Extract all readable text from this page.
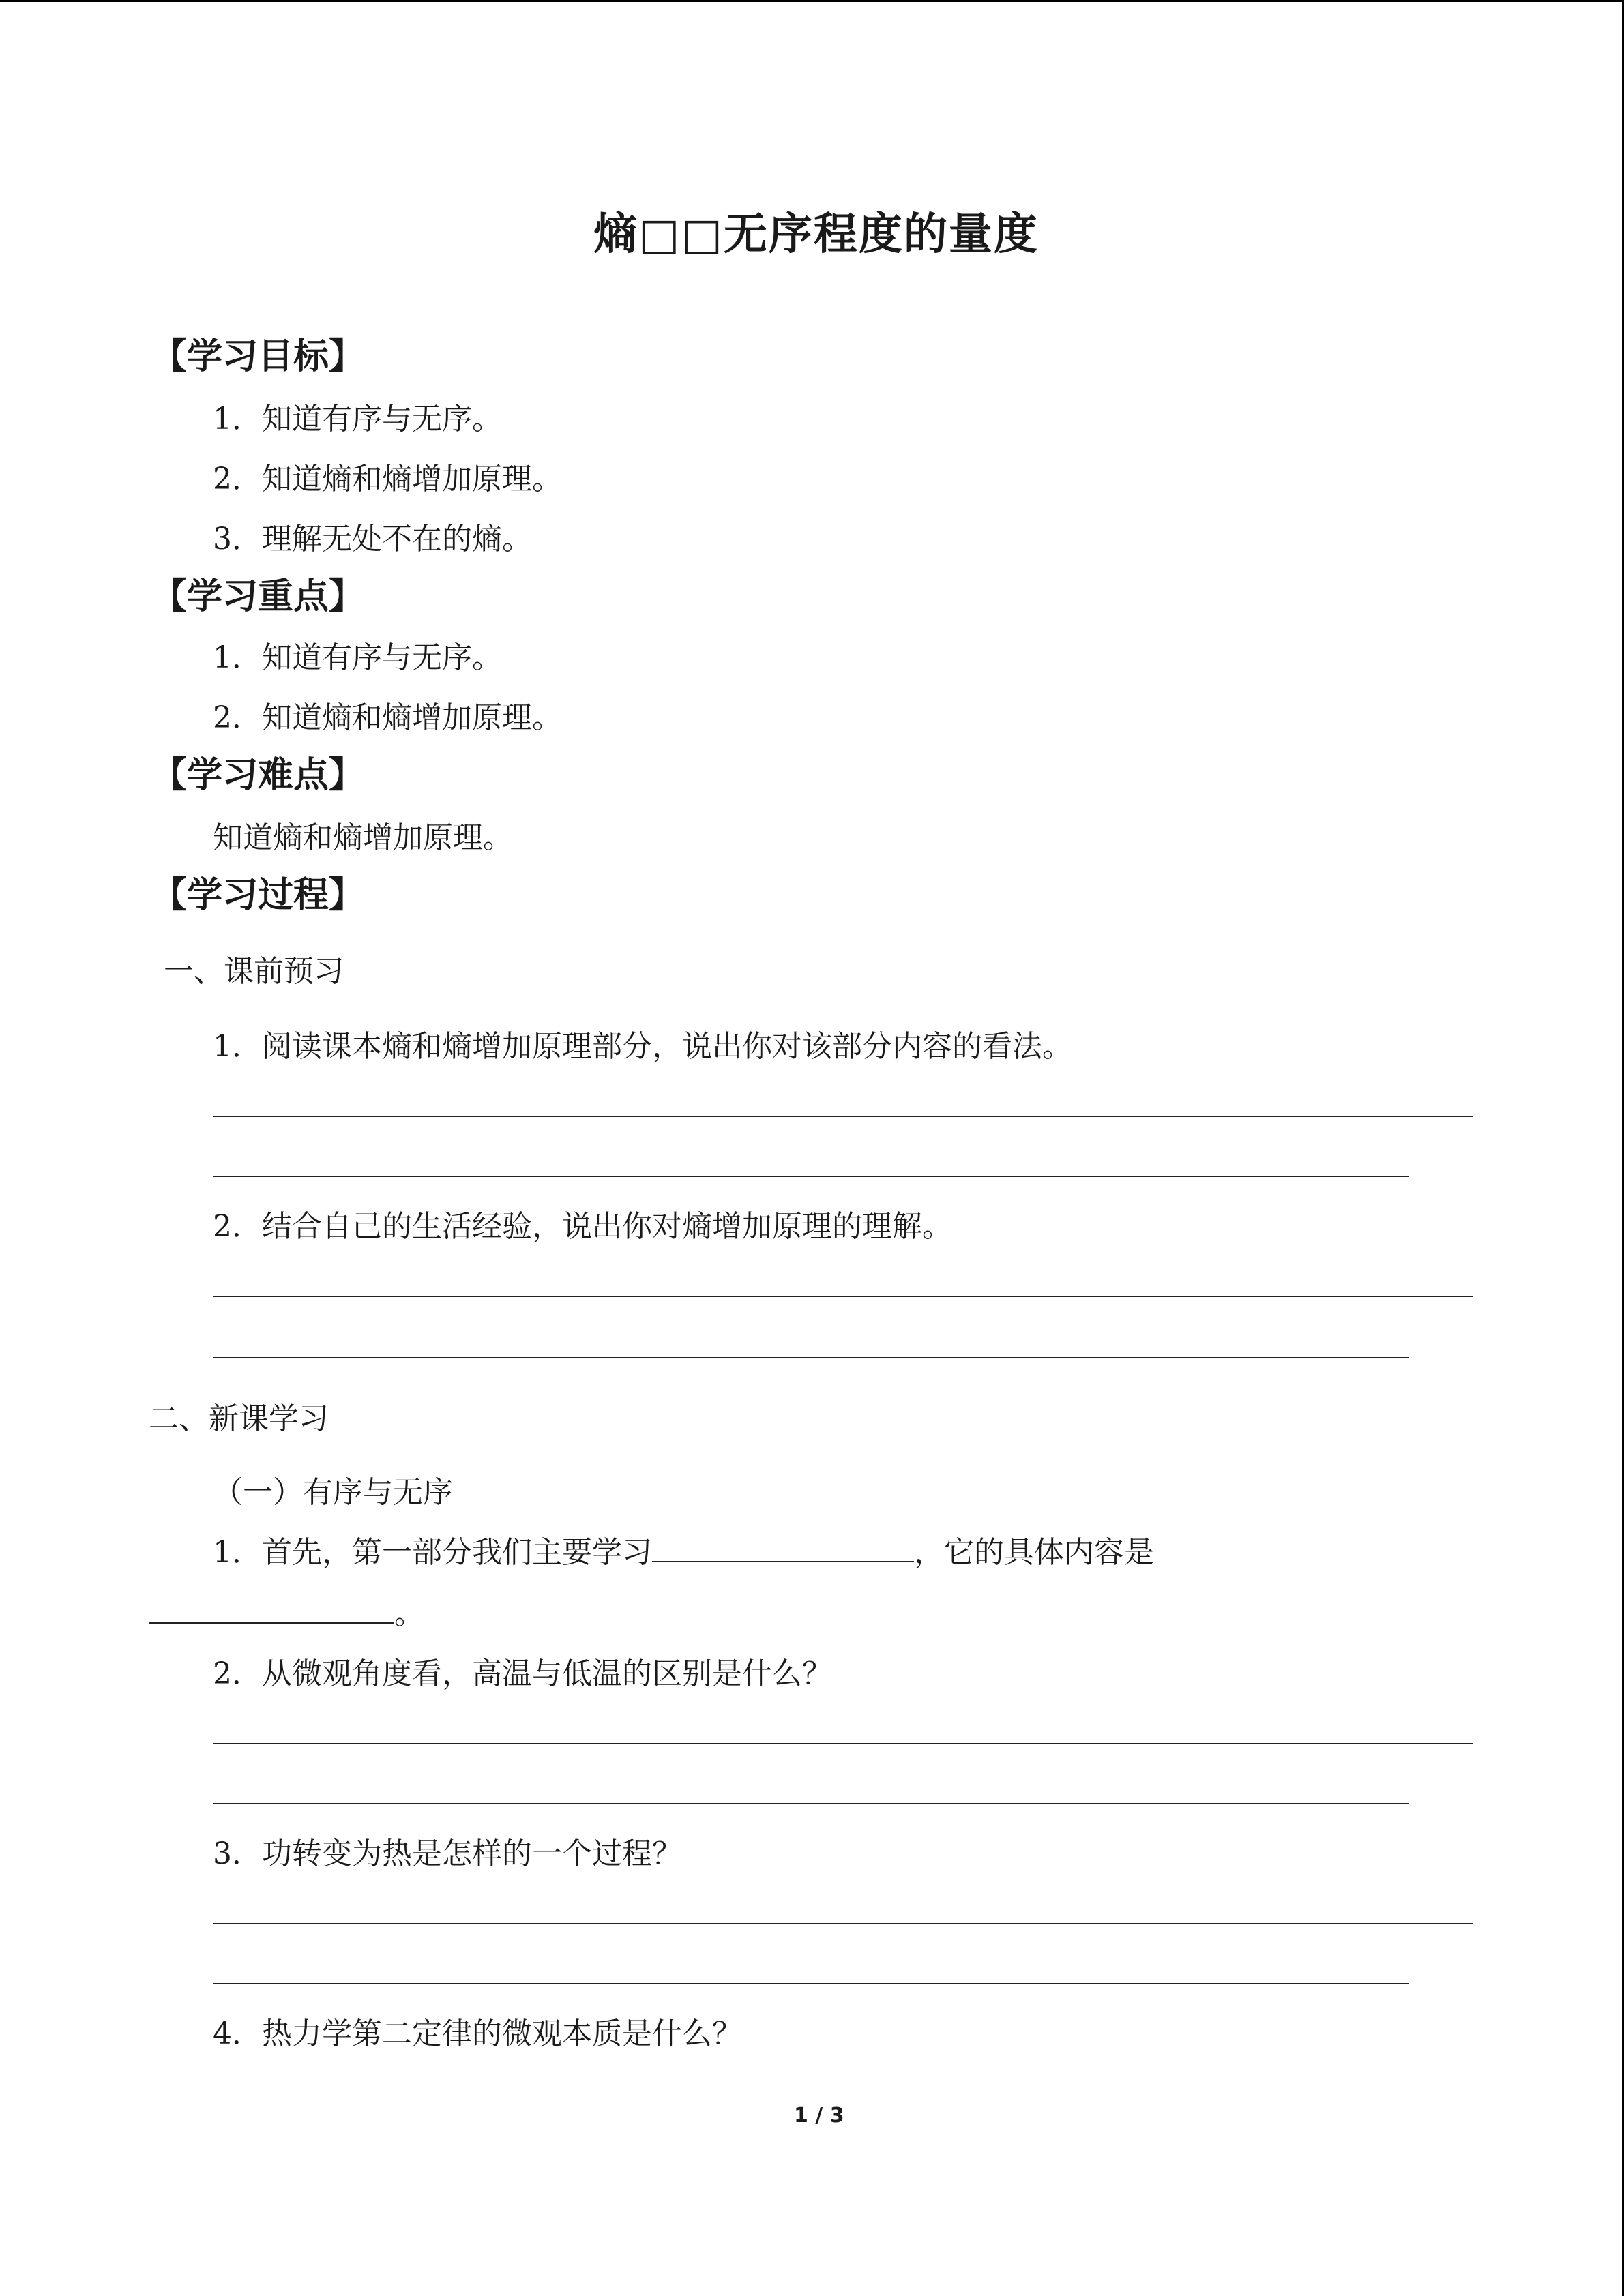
熵□□无序程度的量度
【学习目标】
1．知道有序与无序。
2．知道熵和熵增加原理。
3．理解无处不在的熵。
【学习重点】
1．知道有序与无序。
2．知道熵和熵增加原理。
【学习难点】
知道熵和熵增加原理。
【学习过程】
一、课前预习
1．阅读课本熵和熵增加原理部分，说出你对该部分内容的看法。
2．结合自己的生活经验，说出你对熵增加原理的理解。
二、新课学习
（一）有序与无序
1．首先，第一部分我们主要学习	，它的具体内容是
。
2．从微观角度看，高温与低温的区别是什么？
3．功转变为热是怎样的一个过程？
4．热力学第二定律的微观本质是什么？
1 / 3
